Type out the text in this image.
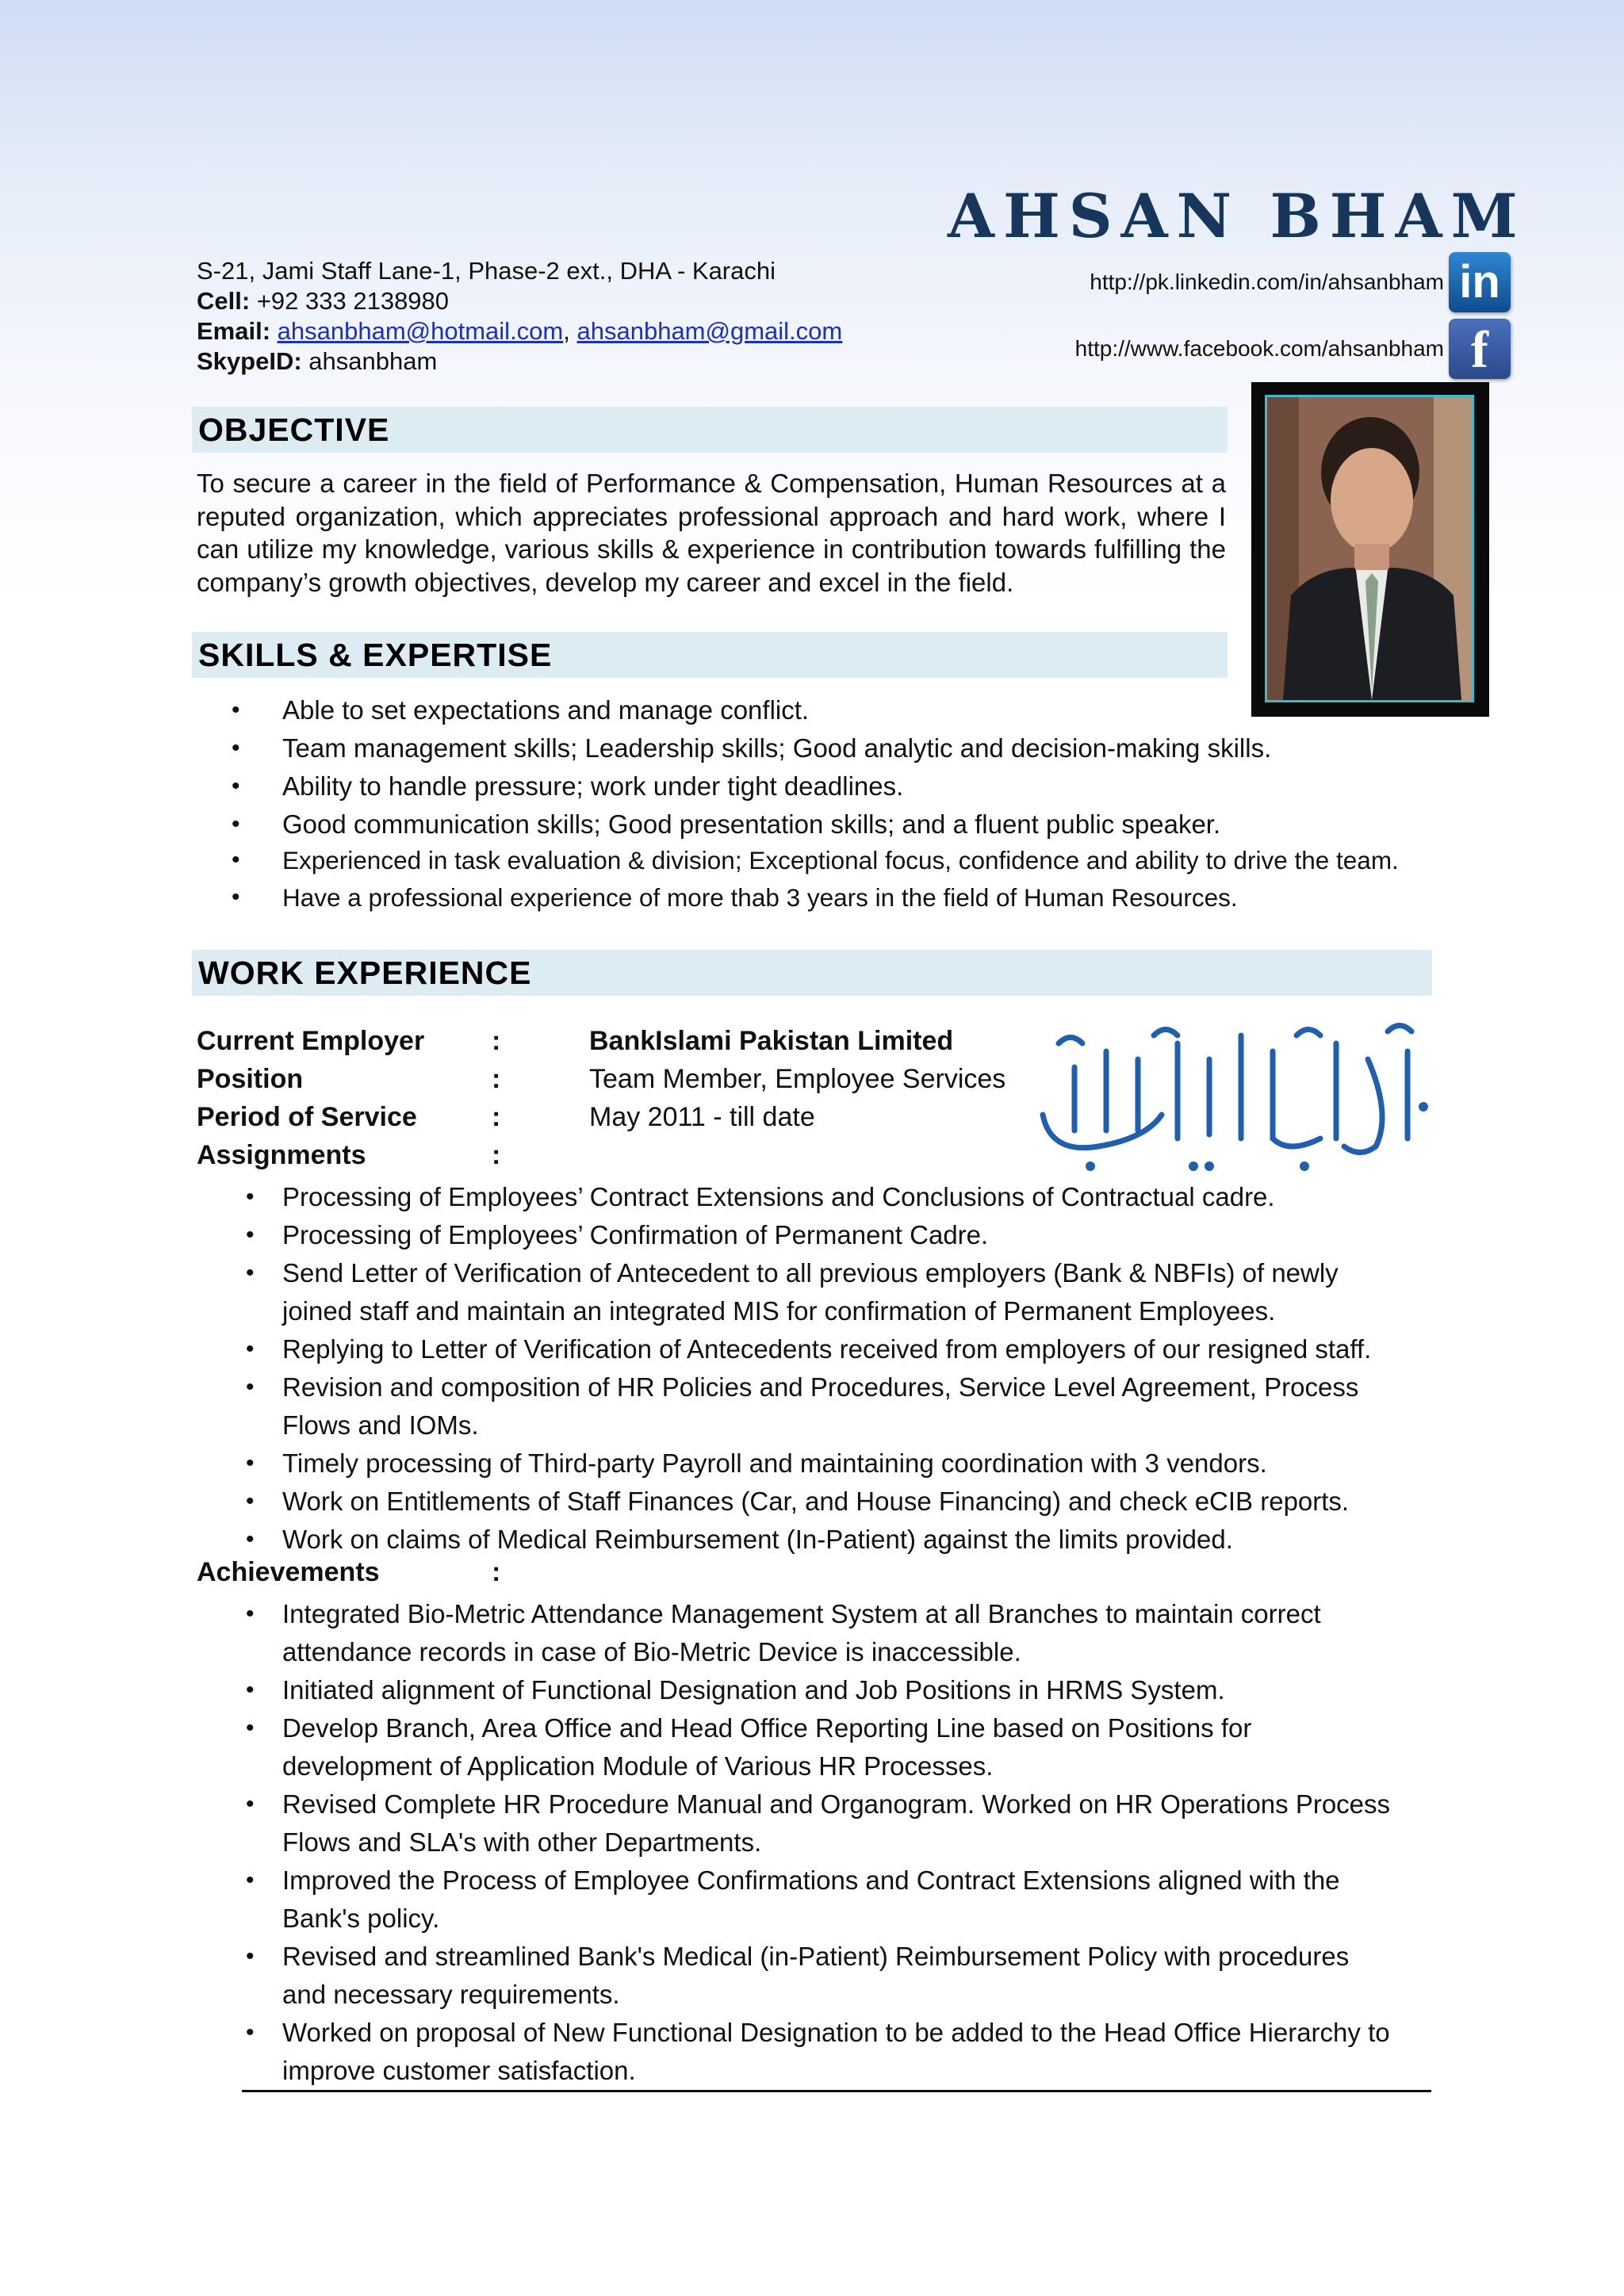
AHSAN BHAM
S-21, Jami Staff Lane-1, Phase-2 ext., DHA - Karachi
Cell: +92 333 2138980
Email: ahsanbham@hotmail.com, ahsanbham@gmail.com
SkypeID: ahsanbham
http://pk.linkedin.com/in/ahsanbham in
http://www.facebook.com/ahsanbham f
OBJECTIVE
To secure a career in the field of Performance & Compensation, Human Resources at a reputed organization, which appreciates professional approach and hard work, where I can utilize my knowledge, various skills & experience in contribution towards fulfilling the company’s growth objectives, develop my career and excel in the field.
SKILLS & EXPERTISE
• Able to set expectations and manage conflict.
• Team management skills; Leadership skills; Good analytic and decision-making skills.
• Ability to handle pressure; work under tight deadlines.
• Good communication skills; Good presentation skills; and a fluent public speaker.
• Experienced in task evaluation & division; Exceptional focus, confidence and ability to drive the team.
• Have a professional experience of more thab 3 years in the field of Human Resources.
WORK EXPERIENCE
Current Employer :	BankIslami Pakistan Limited
Position	:	Team Member, Employee Services
Period of Service	:	May 2011 - till date
Assignments	:
• Processing of Employees’ Contract Extensions and Conclusions of Contractual cadre.
• Processing of Employees’ Confirmation of Permanent Cadre.
• Send Letter of Verification of Antecedent to all previous employers (Bank & NBFIs) of newly joined staff and maintain an integrated MIS for confirmation of Permanent Employees.
• Replying to Letter of Verification of Antecedents received from employers of our resigned staff.
• Revision and composition of HR Policies and Procedures, Service Level Agreement, Process Flows and IOMs.
• Timely processing of Third-party Payroll and maintaining coordination with 3 vendors.
• Work on Entitlements of Staff Finances (Car, and House Financing) and check eCIB reports.
• Work on claims of Medical Reimbursement (In-Patient) against the limits provided.
Achievements	:
• Integrated Bio-Metric Attendance Management System at all Branches to maintain correct attendance records in case of Bio-Metric Device is inaccessible.
• Initiated alignment of Functional Designation and Job Positions in HRMS System.
• Develop Branch, Area Office and Head Office Reporting Line based on Positions for development of Application Module of Various HR Processes.
• Revised Complete HR Procedure Manual and Organogram. Worked on HR Operations Process Flows and SLA's with other Departments.
• Improved the Process of Employee Confirmations and Contract Extensions aligned with the Bank's policy.
• Revised and streamlined Bank's Medical (in-Patient) Reimbursement Policy with procedures and necessary requirements.
• Worked on proposal of New Functional Designation to be added to the Head Office Hierarchy to improve customer satisfaction.
